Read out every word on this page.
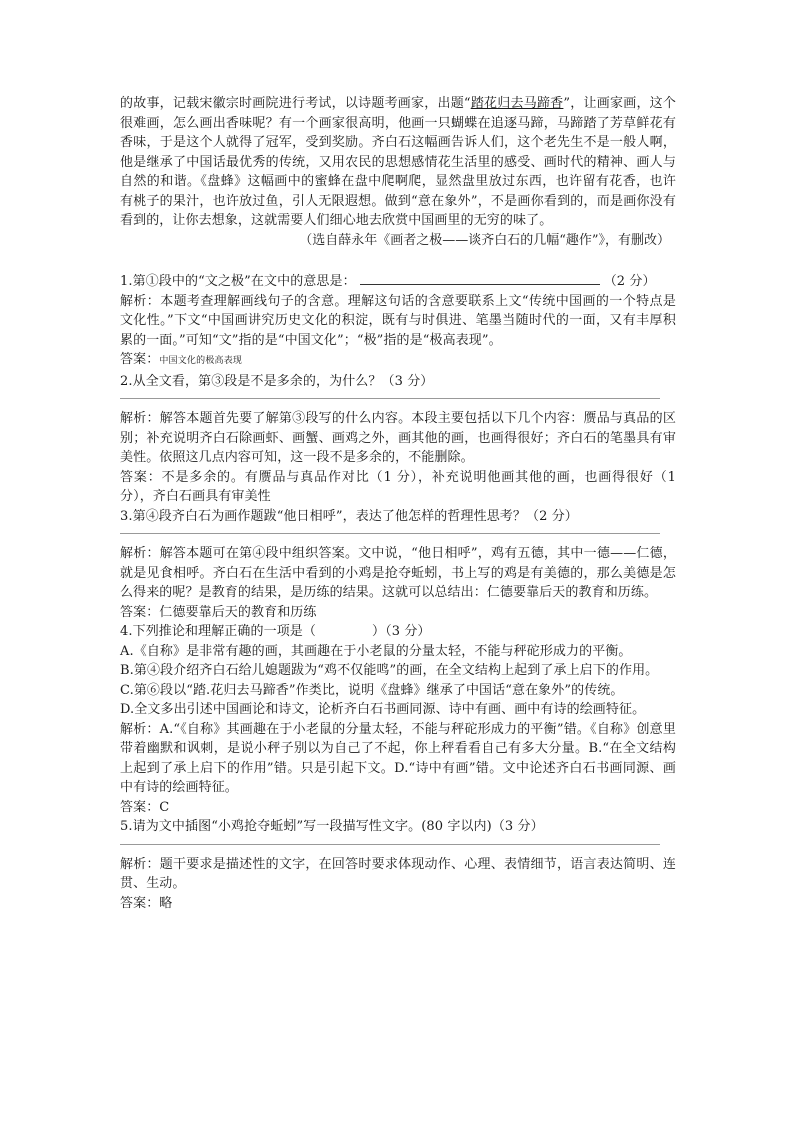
的故事，记载宋徽宗时画院进行考试，以诗题考画家，出题“踏花归去马蹄香”，让画家画，这个很难画，怎么画出香味呢？有一个画家很高明，他画一只蝴蝶在追逐马蹄，马蹄踏了芳草鲜花有香味，于是这个人就得了冠军，受到奖励。齐白石这幅画告诉人们，这个老先生不是一般人啊，他是继承了中国话最优秀的传统，又用农民的思想感情花生活里的感受、画时代的精神、画人与自然的和谐。《盘蜂》这幅画中的蜜蜂在盘中爬啊爬，显然盘里放过东西，也许留有花香，也许有桃子的果汁，也许放过鱼，引人无限遐想。做到“意在象外”，不是画你看到的，而是画你没有看到的，让你去想象，这就需要人们细心地去欣赏中国画里的无穷的味了。

（选自薛永年《画者之极——谈齐白石的几幅“趣作”》，有删改）

1.第①段中的“文之极”在文中的意思是：	（2 分）

解析：本题考查理解画线句子的含意。理解这句话的含意要联系上文“传统中国画的一个特点是文化性。”下文“中国画讲究历史文化的积淀，既有与时俱进、笔墨当随时代的一面，又有丰厚积累的一面。”可知“文”指的是“中国文化”；“极”指的是“极高表现”。

答案：中国文化的极高表现

2.从全文看，第③段是不是多余的，为什么？（3 分）

解析：解答本题首先要了解第③段写的什么内容。本段主要包括以下几个内容：赝品与真品的区别；补充说明齐白石除画虾、画蟹、画鸡之外，画其他的画，也画得很好；齐白石的笔墨具有审美性。依照这几点内容可知，这一段不是多余的，不能删除。

答案：不是多余的。有赝品与真品作对比（1 分），补充说明他画其他的画，也画得很好（1 分），齐白石画具有审美性

3.第④段齐白石为画作题跋“他日相呼”，表达了他怎样的哲理性思考？（2 分）

解析：解答本题可在第④段中组织答案。文中说，“他日相呼”，鸡有五德，其中一德——仁德，就是见食相呼。齐白石在生活中看到的小鸡是抢夺蚯蚓，书上写的鸡是有美德的，那么美德是怎么得来的呢？是教育的结果，是历练的结果。这就可以总结出：仁德要靠后天的教育和历练。

答案：仁德要靠后天的教育和历练

4.下列推论和理解正确的一项是（	）（3 分）

A.《自称》是非常有趣的画，其画趣在于小老鼠的分量太轻，不能与秤砣形成力的平衡。

B.第④段介绍齐白石给儿媳题跋为“鸡不仅能鸣”的画，在全文结构上起到了承上启下的作用。

C.第⑥段以“踏.花归去马蹄香”作类比，说明《盘蜂》继承了中国话“意在象外”的传统。

D.全文多出引述中国画论和诗文，论析齐白石书画同源、诗中有画、画中有诗的绘画特征。

解析：A.“《自称》其画趣在于小老鼠的分量太轻，不能与秤砣形成力的平衡”错。《自称》创意里带着幽默和讽刺，是说小秤子别以为自己了不起，你上秤看看自己有多大分量。B.“在全文结构上起到了承上启下的作用”错。只是引起下文。D.“诗中有画”错。文中论述齐白石书画同源、画中有诗的绘画特征。

答案：C

5.请为文中插图“小鸡抢夺蚯蚓”写一段描写性文字。(80 字以内)（3 分）

解析：题干要求是描述性的文字，在回答时要求体现动作、心理、表情细节，语言表达简明、连贯、生动。

答案：略
